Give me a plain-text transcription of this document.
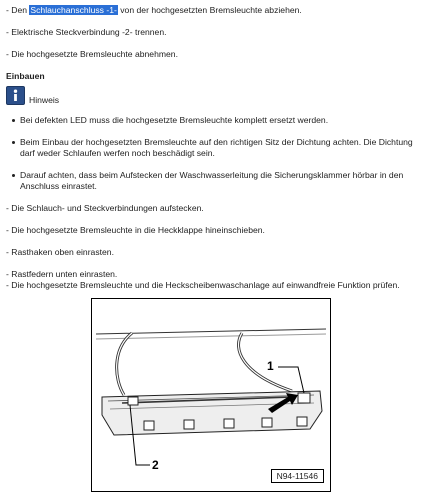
- Den Schlauchanschluss -1- von der hochgesetzten Bremsleuchte abziehen.
- Elektrische Steckverbindung -2- trennen.
- Die hochgesetzte Bremsleuchte abnehmen.
Einbauen
Hinweis
Bei defekten LED muss die hochgesetzte Bremsleuchte komplett ersetzt werden.
Beim Einbau der hochgesetzten Bremsleuchte auf den richtigen Sitz der Dichtung achten. Die Dichtung darf weder Schlaufen werfen noch beschädigt sein.
Darauf achten, dass beim Aufstecken der Waschwasserleitung die Sicherungsklammer hörbar in den Anschluss einrastet.
- Die Schlauch- und Steckverbindungen aufstecken.
- Die hochgesetzte Bremsleuchte in die Heckklappe hineinschieben.
- Rasthaken oben einrasten.
- Rastfedern unten einrasten.
- Die hochgesetzte Bremsleuchte und die Heckscheibenwaschanlage auf einwandfreie Funktion prüfen.
1
2
N94-11546
